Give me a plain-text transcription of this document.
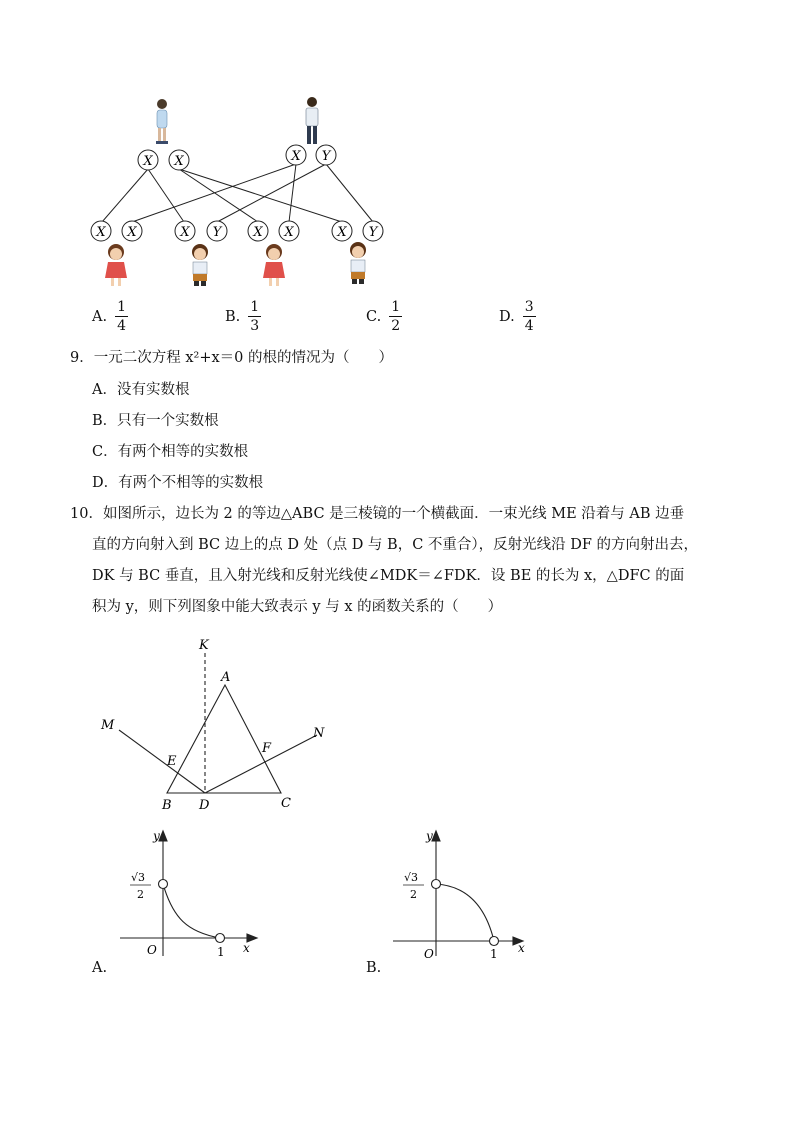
X X	X Y
X X	X Y X X	X Y
A. $\frac{1}{4}$	B. $\frac{1}{3}$	C. $\frac{1}{2}$	D. $\frac{3}{4}$
9．一元二次方程 x²+x＝0 的根的情况为（　　）
A．没有实数根
B．只有一个实数根
C．有两个相等的实数根
D．有两个不相等的实数根
10．如图所示，边长为 2 的等边△ABC 是三棱镜的一个横截面．一束光线 ME 沿着与 AB 边垂
直的方向射入到 BC 边上的点 D 处（点 D 与 B，C 不重合），反射光线沿 DF 的方向射出去，
DK 与 BC 垂直，且入射光线和反射光线使∠MDK＝∠FDK．设 BE 的长为 x，△DFC 的面
积为 y，则下列图象中能大致表示 y 与 x 的函数关系的（　　）
K
A
M
N
E
F
B D	C
y
x
O	1
√3
2
A.
y
x
O	1
√3
2
B.
